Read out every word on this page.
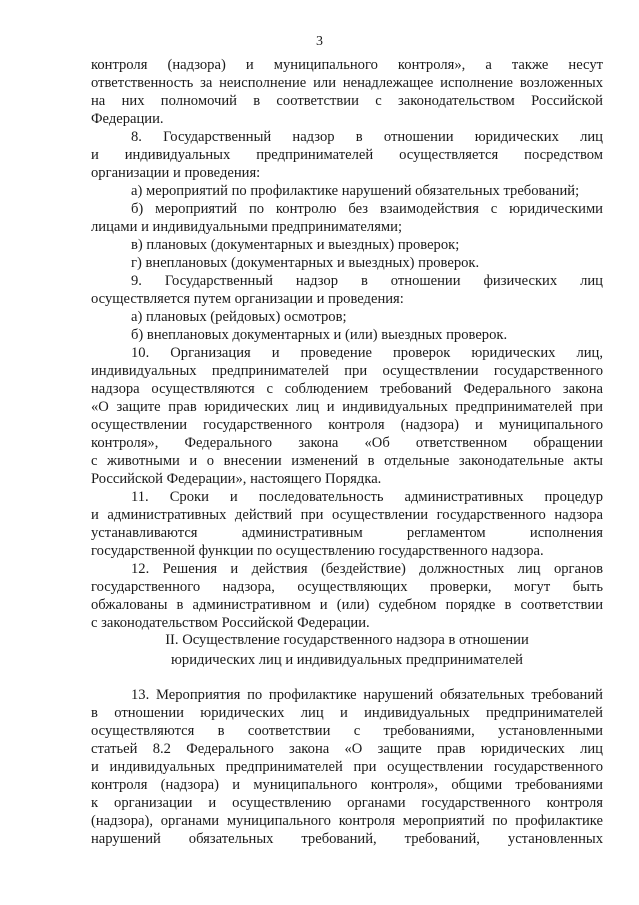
3
контроля (надзора) и муниципального контроля», а также несут
ответственность за неисполнение или ненадлежащее исполнение возложенных
на них полномочий в соответствии с законодательством Российской
Федерации.
8. Государственный надзор в отношении юридических лиц
и индивидуальных предпринимателей осуществляется посредством
организации и проведения:
а) мероприятий по профилактике нарушений обязательных требований;
б) мероприятий по контролю без взаимодействия с юридическими
лицами и индивидуальными предпринимателями;
в) плановых (документарных и выездных) проверок;
г) внеплановых (документарных и выездных) проверок.
9. Государственный надзор в отношении физических лиц
осуществляется путем организации и проведения:
а) плановых (рейдовых) осмотров;
б) внеплановых документарных и (или) выездных проверок.
10. Организация и проведение проверок юридических лиц,
индивидуальных предпринимателей при осуществлении государственного
надзора осуществляются с соблюдением требований Федерального закона
«О защите прав юридических лиц и индивидуальных предпринимателей при
осуществлении государственного контроля (надзора) и муниципального
контроля», Федерального закона «Об ответственном обращении
с животными и о внесении изменений в отдельные законодательные акты
Российской Федерации», настоящего Порядка.
11. Сроки и последовательность административных процедур
и административных действий при осуществлении государственного надзора
устанавливаются административным регламентом исполнения
государственной функции по осуществлению государственного надзора.
12. Решения и действия (бездействие) должностных лиц органов
государственного надзора, осуществляющих проверки, могут быть
обжалованы в административном и (или) судебном порядке в соответствии
с законодательством Российской Федерации.
II. Осуществление государственного надзора в отношении
юридических лиц и индивидуальных предпринимателей
13. Мероприятия по профилактике нарушений обязательных требований
в отношении юридических лиц и индивидуальных предпринимателей
осуществляются в соответствии с требованиями, установленными
статьей 8.2 Федерального закона «О защите прав юридических лиц
и индивидуальных предпринимателей при осуществлении государственного
контроля (надзора) и муниципального контроля», общими требованиями
к организации и осуществлению органами государственного контроля
(надзора), органами муниципального контроля мероприятий по профилактике
нарушений обязательных требований, требований, установленных
